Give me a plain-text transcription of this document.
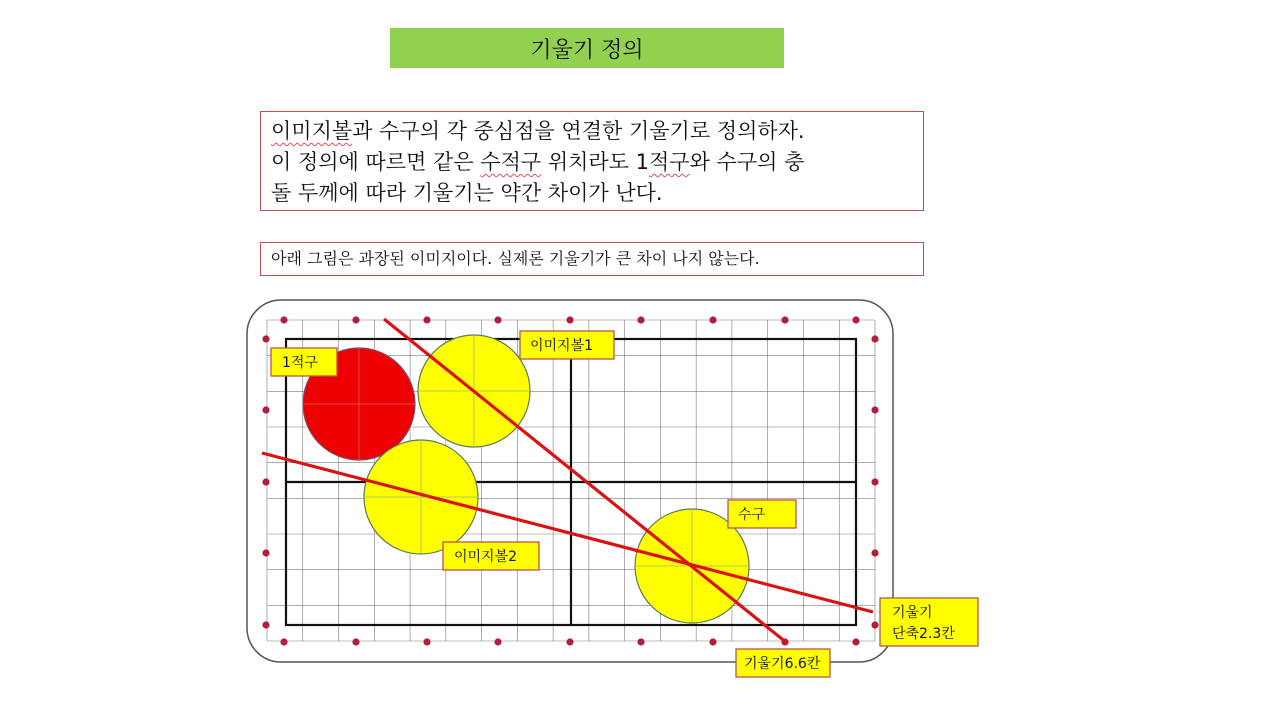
기울기 정의
이미지볼과 수구의 각 중심점을 연결한 기울기로 정의하자.
이 정의에 따르면 같은 수적구 위치라도 1적구와 수구의 충
돌 두께에 따라 기울기는 약간 차이가 난다.
아래 그림은 과장된 이미지이다. 실제론 기울기가 큰 차이 나지 않는다.
1적구
이미지볼1
이미지볼2
수구
기울기6.6칸
기울기
단축2.3칸
